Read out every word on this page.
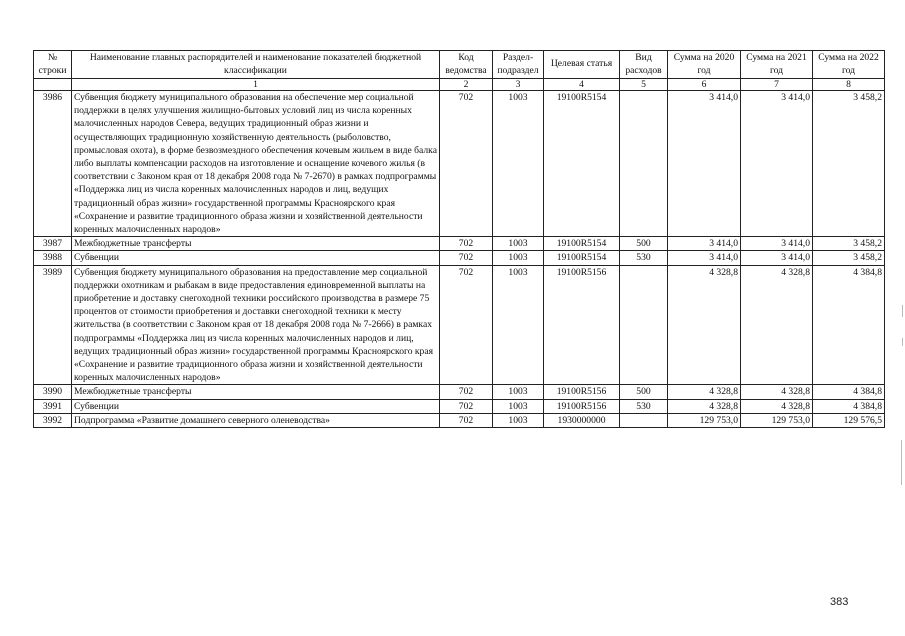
№ строки	Наименование главных распорядителей и наименование показателей бюджетной классификации	Код ведомства	Раздел-подраздел	Целевая статья	Вид расходов	Сумма на 2020 год	Сумма на 2021 год	Сумма на 2022 год
	1	2	3	4	5	6	7	8
3986	Субвенция бюджету муниципального образования на обеспечение мер социальной поддержки в целях улучшения жилищно-бытовых условий лиц из числа коренных малочисленных народов Севера, ведущих традиционный образ жизни и осуществляющих традиционную хозяйственную деятельность (рыболовство, промысловая охота), в форме безвозмездного обеспечения кочевым жильем в виде балка либо выплаты компенсации расходов на изготовление и оснащение кочевого жилья (в соответствии с Законом края от 18 декабря 2008 года № 7-2670) в рамках подпрограммы «Поддержка лиц из числа коренных малочисленных народов и лиц, ведущих традиционный образ жизни» государственной программы Красноярского края «Сохранение и развитие традиционного образа жизни и хозяйственной деятельности коренных малочисленных народов»	702	1003	19100R5154		3 414,0	3 414,0	3 458,2
3987	Межбюджетные трансферты	702	1003	19100R5154	500	3 414,0	3 414,0	3 458,2
3988	Субвенции	702	1003	19100R5154	530	3 414,0	3 414,0	3 458,2
3989	Субвенция бюджету муниципального образования на предоставление мер социальной поддержки охотникам и рыбакам в виде предоставления единовременной выплаты на приобретение и доставку снегоходной техники российского производства в размере 75 процентов от стоимости приобретения и доставки снегоходной техники к месту жительства (в соответствии с Законом края от 18 декабря 2008 года № 7-2666) в рамках подпрограммы «Поддержка лиц из числа коренных малочисленных народов и лиц, ведущих традиционный образ жизни» государственной программы Красноярского края «Сохранение и развитие традиционного образа жизни и хозяйственной деятельности коренных малочисленных народов»	702	1003	19100R5156		4 328,8	4 328,8	4 384,8
3990	Межбюджетные трансферты	702	1003	19100R5156	500	4 328,8	4 328,8	4 384,8
3991	Субвенции	702	1003	19100R5156	530	4 328,8	4 328,8	4 384,8
3992	Подпрограмма «Развитие домашнего северного оленеводства»	702	1003	1930000000		129 753,0	129 753,0	129 576,5
383
